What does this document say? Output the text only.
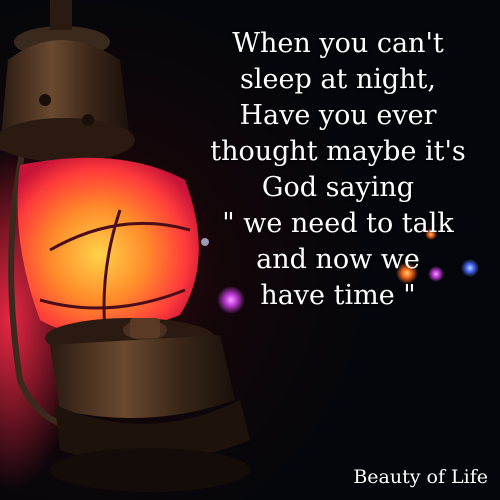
When you can't
sleep at night,
Have you ever
thought maybe it's
God saying
" we need to talk
and now we
have time "
Beauty of Life
